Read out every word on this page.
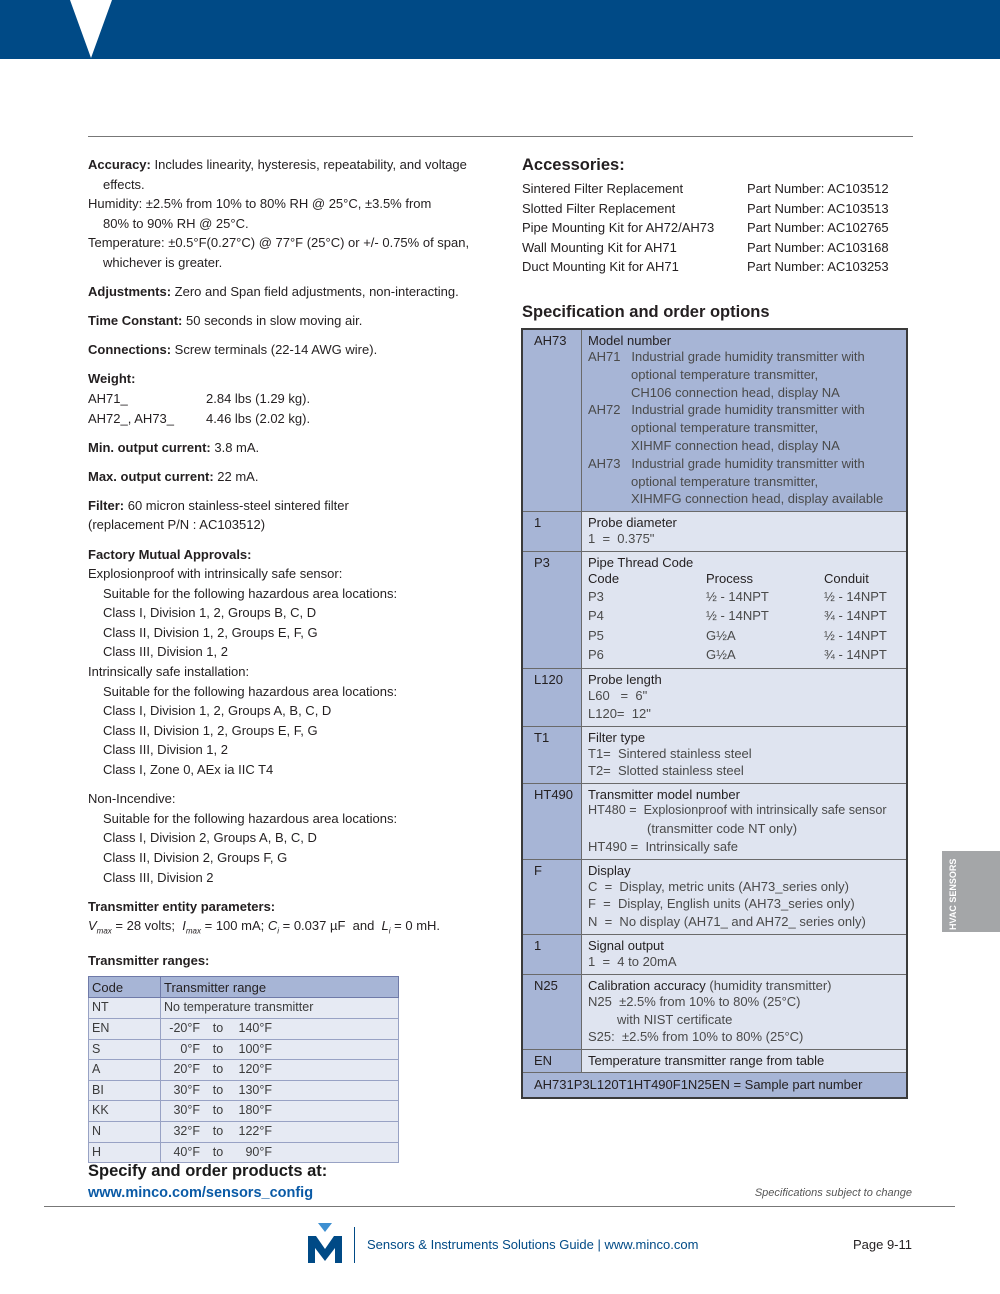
Accuracy: Includes linearity, hysteresis, repeatability, and voltage effects.

Humidity: ±2.5% from 10% to 80% RH @ 25°C, ±3.5% from

80% to 90% RH @ 25°C.

Temperature: ±0.5°F(0.27°C) @ 77°F (25°C) or +/- 0.75% of span,

whichever is greater.

Adjustments: Zero and Span field adjustments, non-interacting.

Time Constant: 50 seconds in slow moving air.

Connections: Screw terminals (22-14 AWG wire).

Weight:

AH71_	2.84 lbs (1.29 kg).
AH72_, AH73_	4.46 lbs (2.02 kg).

Min. output current: 3.8 mA.

Max. output current: 22 mA.

Filter: 60 micron stainless-steel sintered filter

(replacement P/N : AC103512)

Factory Mutual Approvals:

Explosionproof with intrinsically safe sensor:

Suitable for the following hazardous area locations:

Class I, Division 1, 2, Groups B, C, D

Class II, Division 1, 2, Groups E, F, G

Class III, Division 1, 2

Intrinsically safe installation:

Suitable for the following hazardous area locations:

Class I, Division 1, 2, Groups A, B, C, D

Class II, Division 1, 2, Groups E, F, G

Class III, Division 1, 2

Class I, Zone 0, AEx ia IIC T4

Non-Incendive:

Suitable for the following hazardous area locations:

Class I, Division 2, Groups A, B, C, D

Class II, Division 2, Groups F, G

Class III, Division 2

Transmitter entity parameters:

$V_{max} = 28$ volts;  $I_{max} = 100$ mA; $C_i = 0.037$ µF  and  $L_i = 0$ mH.

Transmitter ranges:

Code	Transmitter range
NT	No temperature transmitter
EN	-20°F to 140°F
S	0°F to 100°F
A	20°F to 120°F
BI	30°F to 130°F
KK	30°F to 180°F
N	32°F to 122°F
H	40°F to 90°F
Accessories:
Sintered Filter Replacement	Part Number: AC103512
Slotted Filter Replacement	Part Number: AC103513
Pipe Mounting Kit for AH72/AH73	Part Number: AC102765
Wall Mounting Kit for AH71	Part Number: AC103168
Duct Mounting Kit for AH71	Part Number: AC103253
Specification and order options
AH73	Model number
AH71   Industrial grade humidity transmitter with
optional temperature transmitter,
CH106 connection head, display NA
AH72   Industrial grade humidity transmitter with
optional temperature transmitter,
XIHMF connection head, display NA
AH73   Industrial grade humidity transmitter with
optional temperature transmitter,
XIHMFG connection head, display available
1	Probe diameter
1  =  0.375"
P3	Pipe Thread Code
Code	Process	Conduit
P3	½ - 14NPT	½ - 14NPT
P4	½ - 14NPT	¾ - 14NPT
P5	G½A	½ - 14NPT
P6	G½A	¾ - 14NPT
L120	Probe length
L60   =  6"
L120=  12"
T1	Filter type
T1=  Sintered stainless steel
T2=  Slotted stainless steel
HT490	Transmitter model number
HT480 =  Explosionproof with intrinsically safe sensor
(transmitter code NT only)
HT490 =  Intrinsically safe
F	Display
C  =  Display, metric units (AH73_series only)
F  =  Display, English units (AH73_series only)
N  =  No display (AH71_ and AH72_ series only)
1	Signal output
1  =  4 to 20mA
N25	Calibration accuracy (humidity transmitter)
N25  ±2.5% from 10% to 80% (25°C)
with NIST certificate
S25:  ±2.5% from 10% to 80% (25°C)
EN	Temperature transmitter range from table
AH731P3L120T1HT490F1N25EN = Sample part number
HVAC SENSORS
Specify and order products at:
www.minco.com/sensors_config	Specifications subject to change
Sensors & Instruments Solutions Guide | www.minco.com	Page 9-11
